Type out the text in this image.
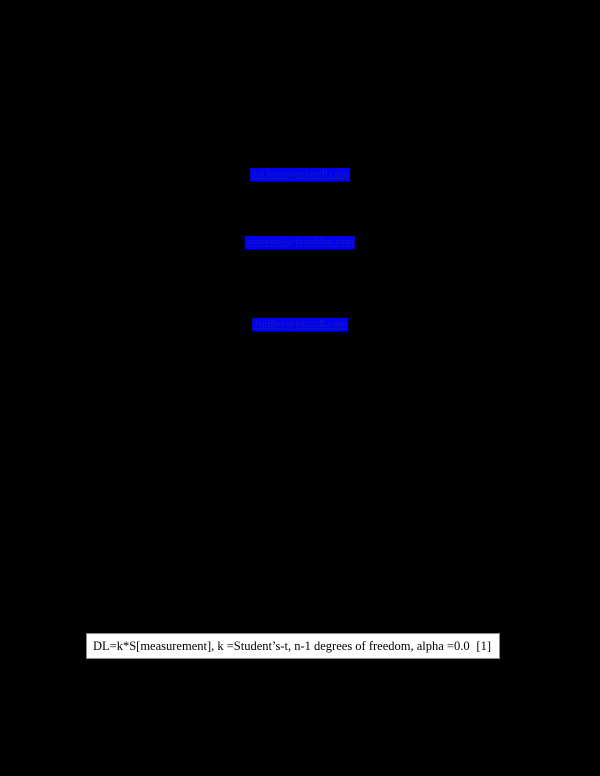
Jackson@islandl.com
someone@franklin.com
Jmiller@islandl.com
DL=k*S[measurement], k =Student’s-t, n-1 degrees of freedom, alpha =0.0 [1]
